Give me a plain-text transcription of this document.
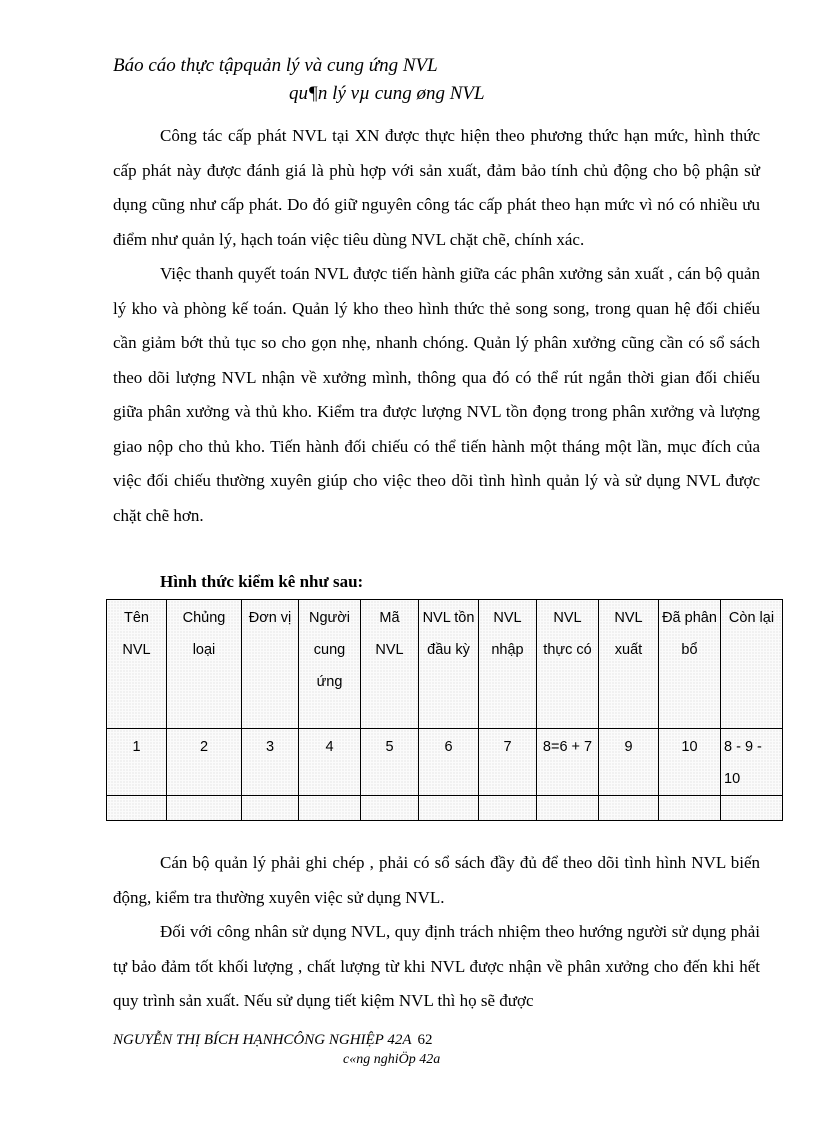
Báo cáo thực tậpquản lý và cung ứng NVL
qu¶n lý vµ cung øng NVL

Công tác cấp phát NVL tại XN được thực hiện theo phương thức hạn mức, hình thức cấp phát này được đánh giá là phù hợp với sản xuất, đảm bảo tính chủ động cho bộ phận sử dụng cũng như cấp phát. Do đó giữ nguyên công tác cấp phát theo hạn mức vì nó có nhiều ưu điểm như quản lý, hạch toán việc tiêu dùng NVL chặt chẽ, chính xác.

Việc thanh quyết toán NVL được tiến hành giữa các phân xưởng sản xuất , cán bộ quản lý kho và phòng kế toán. Quản lý kho theo hình thức thẻ song song, trong quan hệ đối chiếu cần giảm bớt thủ tục so cho gọn nhẹ, nhanh chóng. Quản lý phân xưởng cũng cần có sổ sách theo dõi lượng NVL nhận về xưởng mình, thông qua đó có thể rút ngắn thời gian đối chiếu giữa phân xưởng và thủ kho. Kiểm tra được lượng NVL tồn đọng trong phân xưởng và lượng giao nộp cho thủ kho. Tiến hành đối chiếu có thể tiến hành một tháng một lần, mục đích của việc đối chiếu thường xuyên giúp cho việc theo dõi tình hình quản lý và sử dụng NVL được chặt chẽ hơn.

Hình thức kiểm kê như sau:

Tên NVL	Chủng loại	Đơn vị	Người cung ứng	Mã NVL	NVL tồn đầu kỳ	NVL nhập	NVL thực có	NVL xuất	Đã phân bổ	Còn lại
1	2	3	4	5	6	7	8=6 + 7	9	10	8 - 9 - 10

Cán bộ quản lý phải ghi chép , phải có sổ sách đầy đủ để theo dõi tình hình NVL biến động, kiểm tra thường xuyên việc sử dụng NVL.

Đối với công nhân sử dụng NVL, quy định trách nhiệm theo hướng người sử dụng phải tự bảo đảm tốt khối lượng , chất lượng từ khi NVL được nhận về phân xưởng cho đến khi hết quy trình sản xuất. Nếu sử dụng tiết kiệm NVL thì họ sẽ được

NGUYỄN THỊ BÍCH HẠNHCÔNG NGHIỆP 42A 62
c«ng nghiÖp 42a
